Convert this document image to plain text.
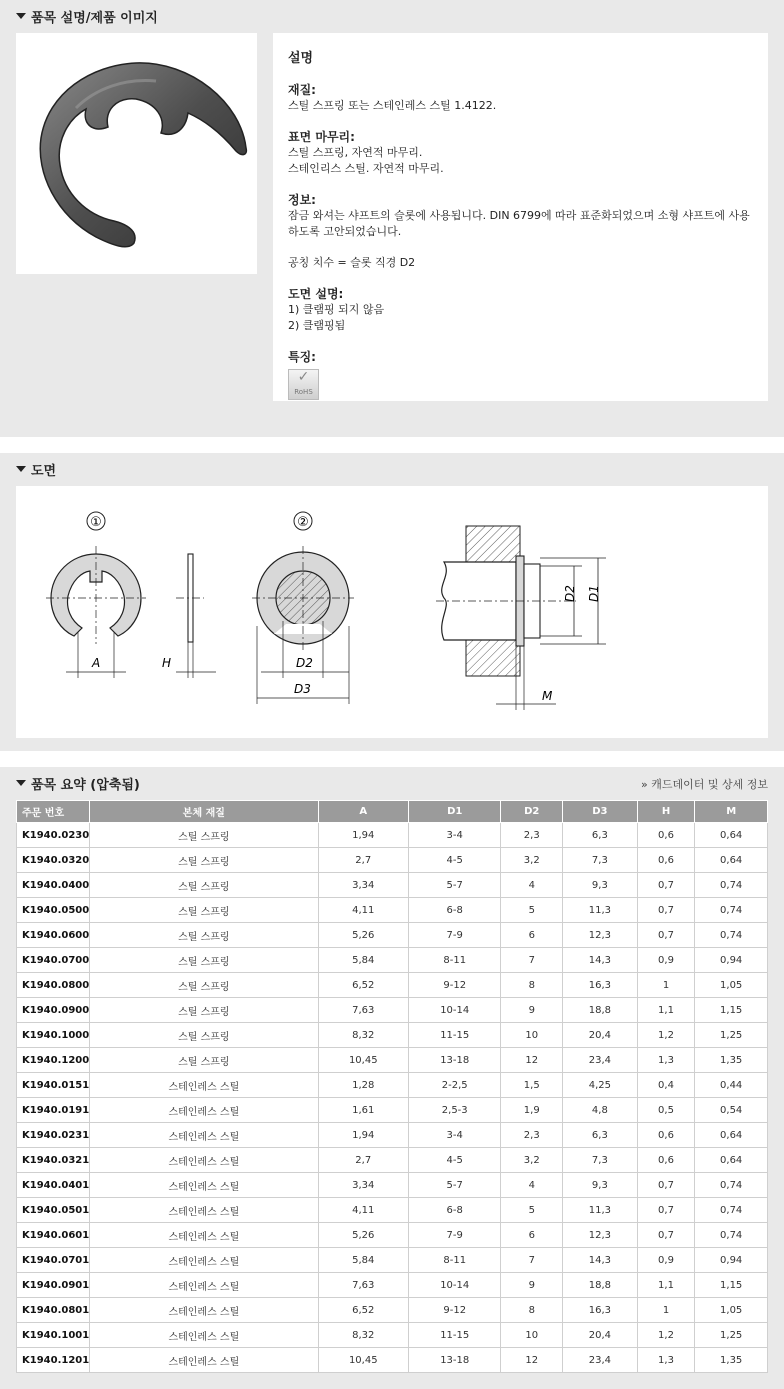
품목 설명/제품 이미지
설명
재질:
스틸 스프링 또는 스테인레스 스틸 1.4122.
표면 마무리:
스틸 스프링, 자연적 마무리.
스테인리스 스틸. 자연적 마무리.
정보:
잠금 와셔는 샤프트의 슬롯에 사용됩니다. DIN 6799에 따라 표준화되었으며 소형 샤프트에 사용하도록 고안되었습니다.
공칭 치수 = 슬롯 직경 D2
도면 설명:
1) 클램핑 되지 않음
2) 클램핑됨
특징:
✓
RoHS
도면
①
A	H
②
D2
D3
D2 D1
M
품목 요약 (압축됨)	» 캐드데이터 및 상세 정보
주문 번호	본체 재질	A	D1	D2	D3	H	M
K1940.0230	스틸 스프링	1,94	3-4	2,3	6,3	0,6	0,64
K1940.0320	스틸 스프링	2,7	4-5	3,2	7,3	0,6	0,64
K1940.0400	스틸 스프링	3,34	5-7	4	9,3	0,7	0,74
K1940.0500	스틸 스프링	4,11	6-8	5	11,3	0,7	0,74
K1940.0600	스틸 스프링	5,26	7-9	6	12,3	0,7	0,74
K1940.0700	스틸 스프링	5,84	8-11	7	14,3	0,9	0,94
K1940.0800	스틸 스프링	6,52	9-12	8	16,3	1	1,05
K1940.0900	스틸 스프링	7,63	10-14	9	18,8	1,1	1,15
K1940.1000	스틸 스프링	8,32	11-15	10	20,4	1,2	1,25
K1940.1200	스틸 스프링	10,45	13-18	12	23,4	1,3	1,35
K1940.0151	스테인레스 스틸	1,28	2-2,5	1,5	4,25	0,4	0,44
K1940.0191	스테인레스 스틸	1,61	2,5-3	1,9	4,8	0,5	0,54
K1940.0231	스테인레스 스틸	1,94	3-4	2,3	6,3	0,6	0,64
K1940.0321	스테인레스 스틸	2,7	4-5	3,2	7,3	0,6	0,64
K1940.0401	스테인레스 스틸	3,34	5-7	4	9,3	0,7	0,74
K1940.0501	스테인레스 스틸	4,11	6-8	5	11,3	0,7	0,74
K1940.0601	스테인레스 스틸	5,26	7-9	6	12,3	0,7	0,74
K1940.0701	스테인레스 스틸	5,84	8-11	7	14,3	0,9	0,94
K1940.0901	스테인레스 스틸	7,63	10-14	9	18,8	1,1	1,15
K1940.0801	스테인레스 스틸	6,52	9-12	8	16,3	1	1,05
K1940.1001	스테인레스 스틸	8,32	11-15	10	20,4	1,2	1,25
K1940.1201	스테인레스 스틸	10,45	13-18	12	23,4	1,3	1,35
